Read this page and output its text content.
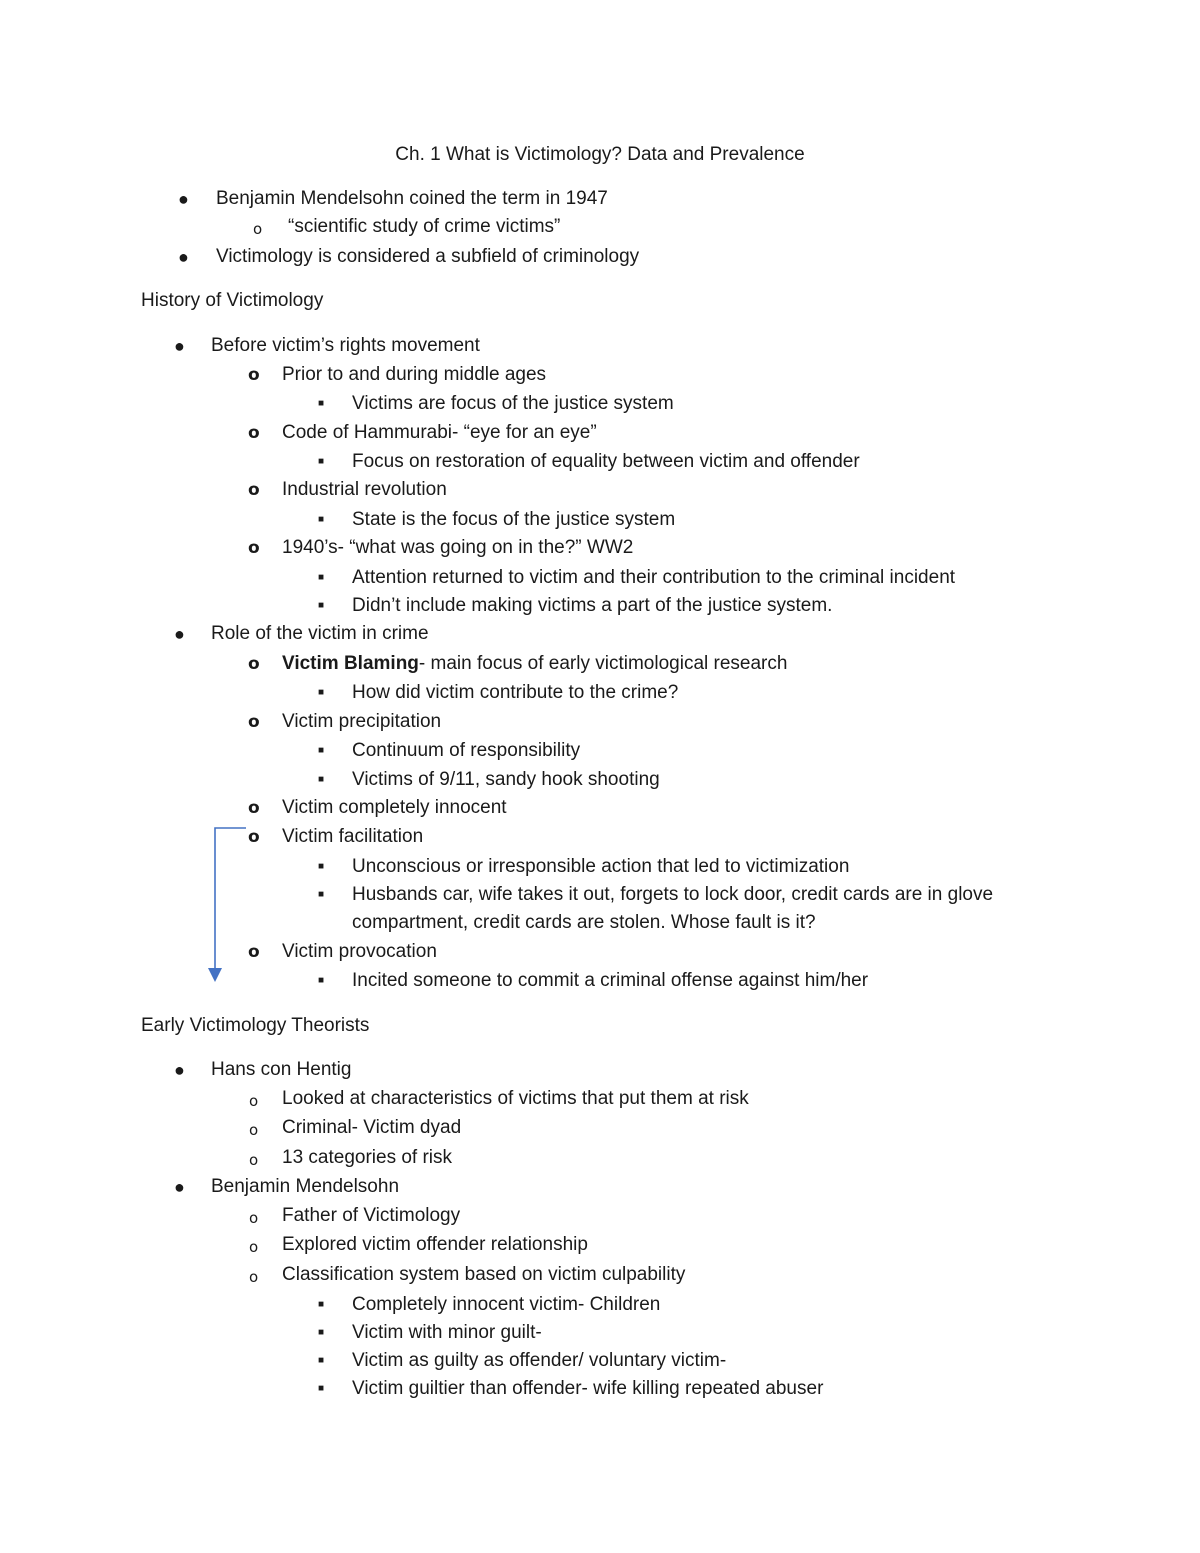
Ch. 1 What is Victimology? Data and Prevalence
● Benjamin Mendelsohn coined the term in 1947
o “scientific study of crime victims”
● Victimology is considered a subfield of criminology
History of Victimology
● Before victim’s rights movement
o Prior to and during middle ages
■ Victims are focus of the justice system
o Code of Hammurabi- “eye for an eye”
■ Focus on restoration of equality between victim and offender
o Industrial revolution
■ State is the focus of the justice system
o 1940’s- “what was going on in the?” WW2
■ Attention returned to victim and their contribution to the criminal incident
■ Didn’t include making victims a part of the justice system.
● Role of the victim in crime
o Victim Blaming- main focus of early victimological research
■ How did victim contribute to the crime?
o Victim precipitation
■ Continuum of responsibility
■ Victims of 9/11, sandy hook shooting
o Victim completely innocent
o Victim facilitation
■ Unconscious or irresponsible action that led to victimization
■ Husbands car, wife takes it out, forgets to lock door, credit cards are in glove
compartment, credit cards are stolen. Whose fault is it?
o Victim provocation
■ Incited someone to commit a criminal offense against him/her
Early Victimology Theorists
● Hans con Hentig
o Looked at characteristics of victims that put them at risk
o Criminal- Victim dyad
o 13 categories of risk
● Benjamin Mendelsohn
o Father of Victimology
o Explored victim offender relationship
o Classification system based on victim culpability
■ Completely innocent victim- Children
■ Victim with minor guilt-
■ Victim as guilty as offender/ voluntary victim-
■ Victim guiltier than offender- wife killing repeated abuser
